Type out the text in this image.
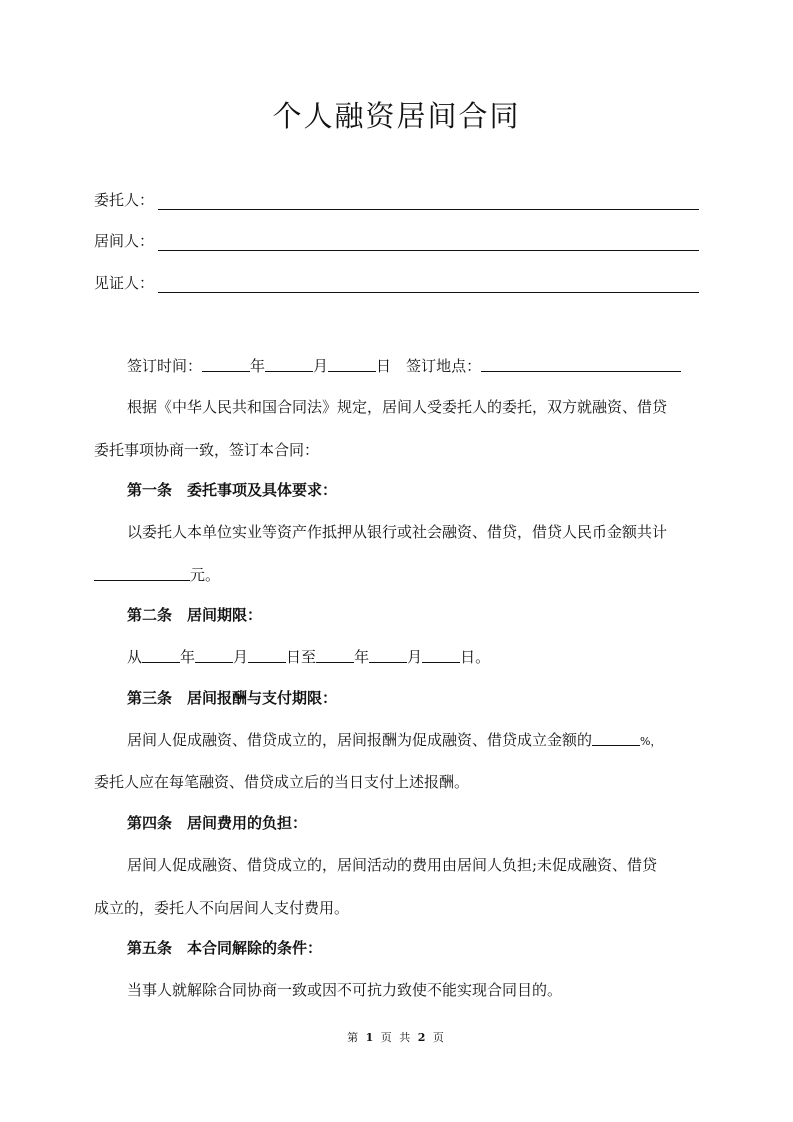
个人融资居间合同
委托人：
居间人：
见证人：
签订时间：	年	月	日 签订地点：
根据《中华人民共和国合同法》规定，居间人受委托人的委托，双方就融资、借贷
委托事项协商一致，签订本合同：
第一条　委托事项及具体要求：
以委托人本单位实业等资产作抵押从银行或社会融资、借贷，借贷人民币金额共计
元。
第二条　居间期限：
从	年	月	日至	年	月	日。
第三条　居间报酬与支付期限：
居间人促成融资、借贷成立的，居间报酬为促成融资、借贷成立金额的	%，
委托人应在每笔融资、借贷成立后的当日支付上述报酬。
第四条　居间费用的负担：
居间人促成融资、借贷成立的，居间活动的费用由居间人负担;未促成融资、借贷
成立的，委托人不向居间人支付费用。
第五条　本合同解除的条件：
当事人就解除合同协商一致或因不可抗力致使不能实现合同目的。
第 1 页 共 2 页
